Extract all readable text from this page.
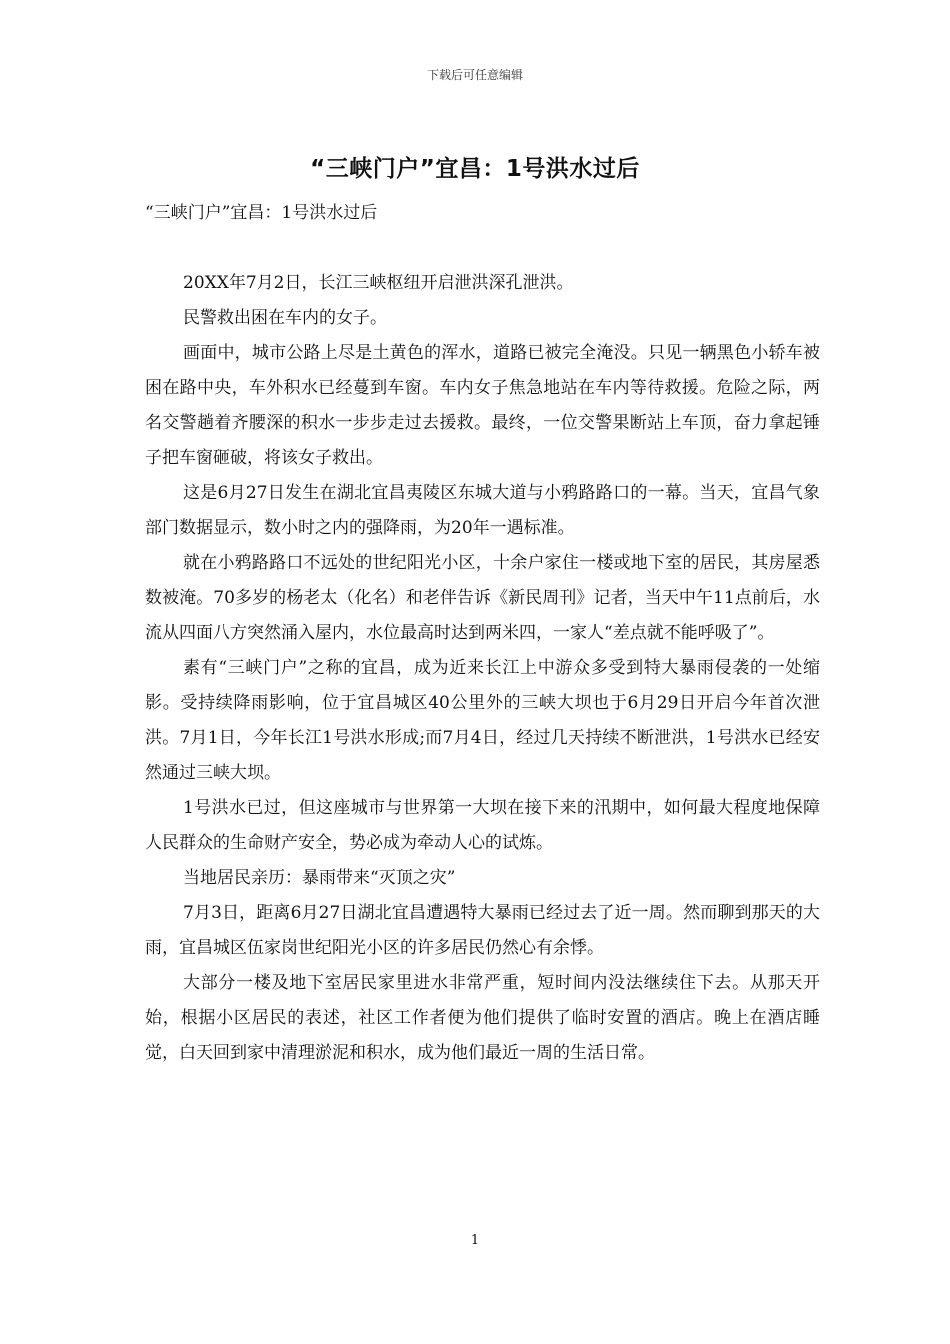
下载后可任意编辑
“三峡门户”宜昌：1号洪水过后

“三峡门户”宜昌：1号洪水过后

20XX年7月2日，长江三峡枢纽开启泄洪深孔泄洪。

民警救出困在车内的女子。

画面中，城市公路上尽是土黄色的浑水，道路已被完全淹没。只见一辆黑色小轿车被困在路中央，车外积水已经蔓到车窗。车内女子焦急地站在车内等待救援。危险之际，两名交警趟着齐腰深的积水一步步走过去援救。最终，一位交警果断站上车顶，奋力拿起锤子把车窗砸破，将该女子救出。

这是6月27日发生在湖北宜昌夷陵区东城大道与小鸦路路口的一幕。当天，宜昌气象部门数据显示，数小时之内的强降雨，为20年一遇标准。

就在小鸦路路口不远处的世纪阳光小区，十余户家住一楼或地下室的居民，其房屋悉数被淹。70多岁的杨老太（化名）和老伴告诉《新民周刊》记者，当天中午11点前后，水流从四面八方突然涌入屋内，水位最高时达到两米四，一家人“差点就不能呼吸了”。

素有“三峡门户”之称的宜昌，成为近来长江上中游众多受到特大暴雨侵袭的一处缩影。受持续降雨影响，位于宜昌城区40公里外的三峡大坝也于6月29日开启今年首次泄洪。7月1日，今年长江1号洪水形成;而7月4日，经过几天持续不断泄洪，1号洪水已经安然通过三峡大坝。

1号洪水已过，但这座城市与世界第一大坝在接下来的汛期中，如何最大程度地保障人民群众的生命财产安全，势必成为牵动人心的试炼。

当地居民亲历：暴雨带来“灭顶之灾”

7月3日，距离6月27日湖北宜昌遭遇特大暴雨已经过去了近一周。然而聊到那天的大雨，宜昌城区伍家岗世纪阳光小区的许多居民仍然心有余悸。

大部分一楼及地下室居民家里进水非常严重，短时间内没法继续住下去。从那天开始，根据小区居民的表述，社区工作者便为他们提供了临时安置的酒店。晚上在酒店睡觉，白天回到家中清理淤泥和积水，成为他们最近一周的生活日常。

1
